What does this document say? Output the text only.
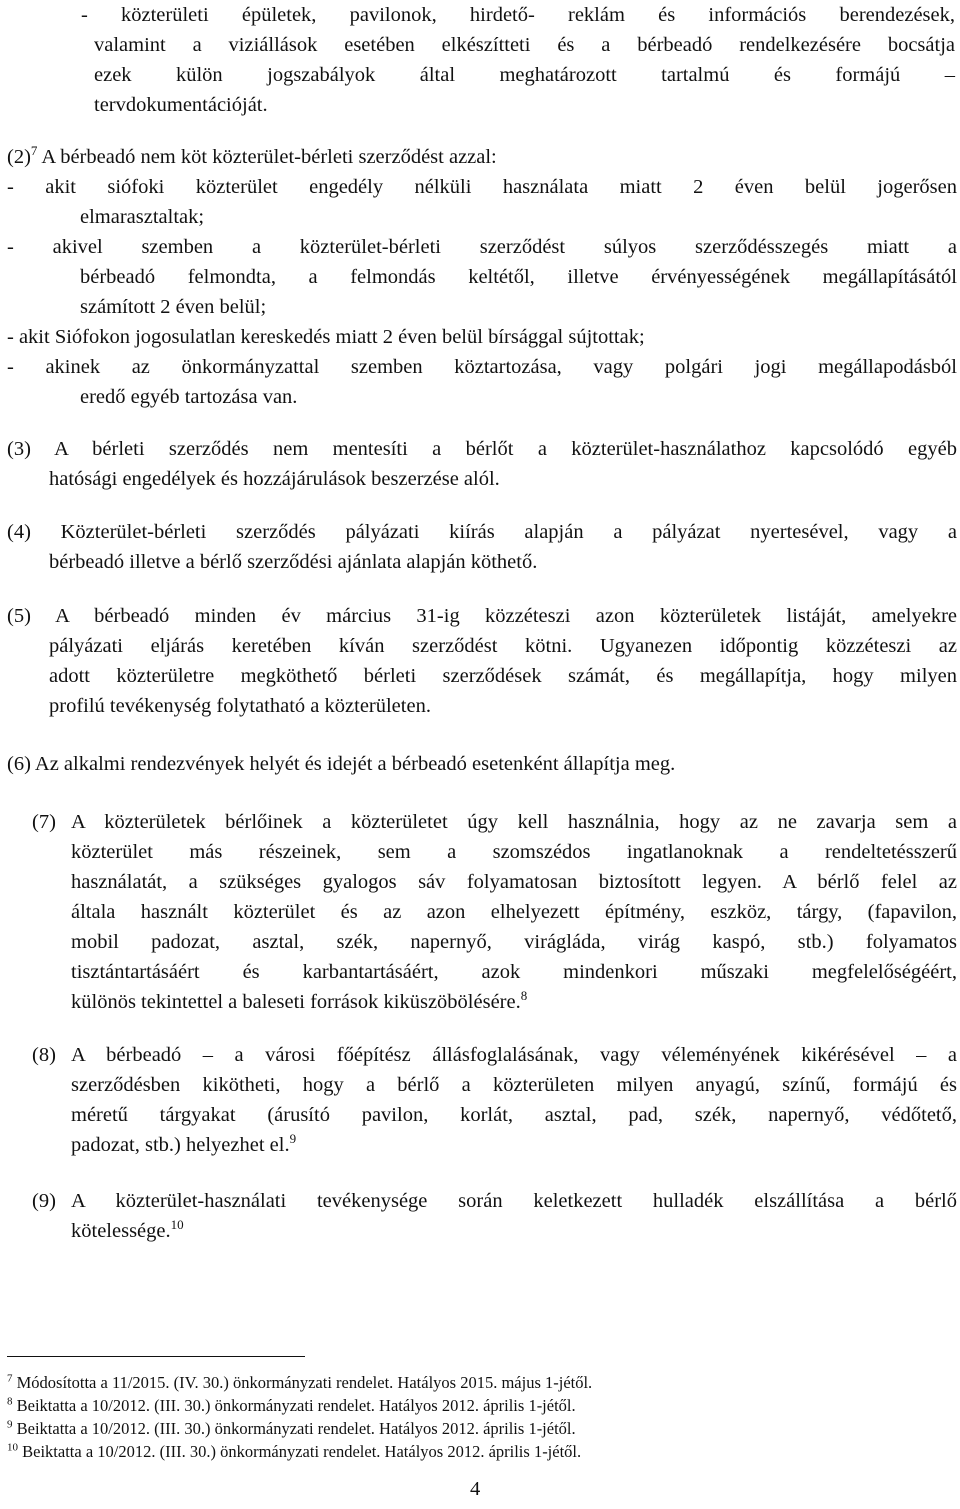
- közterületi épületek, pavilonok, hirdető- reklám és információs berendezések,
valamint a viziállások esetében elkészítteti és a bérbeadó rendelkezésére bocsátja
ezek külön jogszabályok által meghatározott tartalmú és formájú –
tervdokumentációját.
$(2)^7$ A bérbeadó nem köt közterület-bérleti szerződést azzal:
- akit siófoki közterület engedély nélküli használata miatt 2 éven belül jogerősen
elmarasztaltak;
- akivel szemben a közterület-bérleti szerződést súlyos szerződésszegés miatt a
bérbeadó felmondta, a felmondás keltétől, illetve érvényességének megállapításától
számított 2 éven belül;
- akit Siófokon jogosulatlan kereskedés miatt 2 éven belül bírsággal sújtottak;
- akinek az önkormányzattal szemben köztartozása, vagy polgári jogi megállapodásból
eredő egyéb tartozása van.
(3) A bérleti szerződés nem mentesíti a bérlőt a közterület-használathoz kapcsolódó egyéb
hatósági engedélyek és hozzájárulások beszerzése alól.
(4) Közterület-bérleti szerződés pályázati kiírás alapján a pályázat nyertesével, vagy a
bérbeadó illetve a bérlő szerződési ajánlata alapján köthető.
(5) A bérbeadó minden év március 31-ig közzéteszi azon közterületek listáját, amelyekre
pályázati eljárás keretében kíván szerződést kötni. Ugyanezen időpontig közzéteszi az
adott közterületre megköthető bérleti szerződések számát, és megállapítja, hogy milyen
profilú tevékenység folytatható a közterületen.
(6) Az alkalmi rendezvények helyét és idejét a bérbeadó esetenként állapítja meg.
(7) A közterületek bérlőinek a közterületet úgy kell használnia, hogy az ne zavarja sem a
közterület más részeinek, sem a szomszédos ingatlanoknak a rendeltetésszerű
használatát, a szükséges gyalogos sáv folyamatosan biztosított legyen. A bérlő felel az
általa használt közterület és az azon elhelyezett építmény, eszköz, tárgy, (fapavilon,
mobil padozat, asztal, szék, napernyő, virágláda, virág kaspó, stb.) folyamatos
tisztántartásáért és karbantartásáért, azok mindenkori műszaki megfelelőségéért,
különös tekintettel a baleseti források kiküszöbölésére.$^8$
(8) A bérbeadó – a városi főépítész állásfoglalásának, vagy véleményének kikérésével – a
szerződésben kikötheti, hogy a bérlő a közterületen milyen anyagú, színű, formájú és
méretű tárgyakat (árusító pavilon, korlát, asztal, pad, szék, napernyő, védőtető,
padozat, stb.) helyezhet el.$^9$
(9) A közterület-használati tevékenysége során keletkezett hulladék elszállítása a bérlő
kötelessége.$^{10}$
$^7$ Módosította a 11/2015. (IV. 30.) önkormányzati rendelet. Hatályos 2015. május 1-jétől.
$^8$ Beiktatta a 10/2012. (III. 30.) önkormányzati rendelet. Hatályos 2012. április 1-jétől.
$^9$ Beiktatta a 10/2012. (III. 30.) önkormányzati rendelet. Hatályos 2012. április 1-jétől.
$^{10}$ Beiktatta a 10/2012. (III. 30.) önkormányzati rendelet. Hatályos 2012. április 1-jétől.
4
